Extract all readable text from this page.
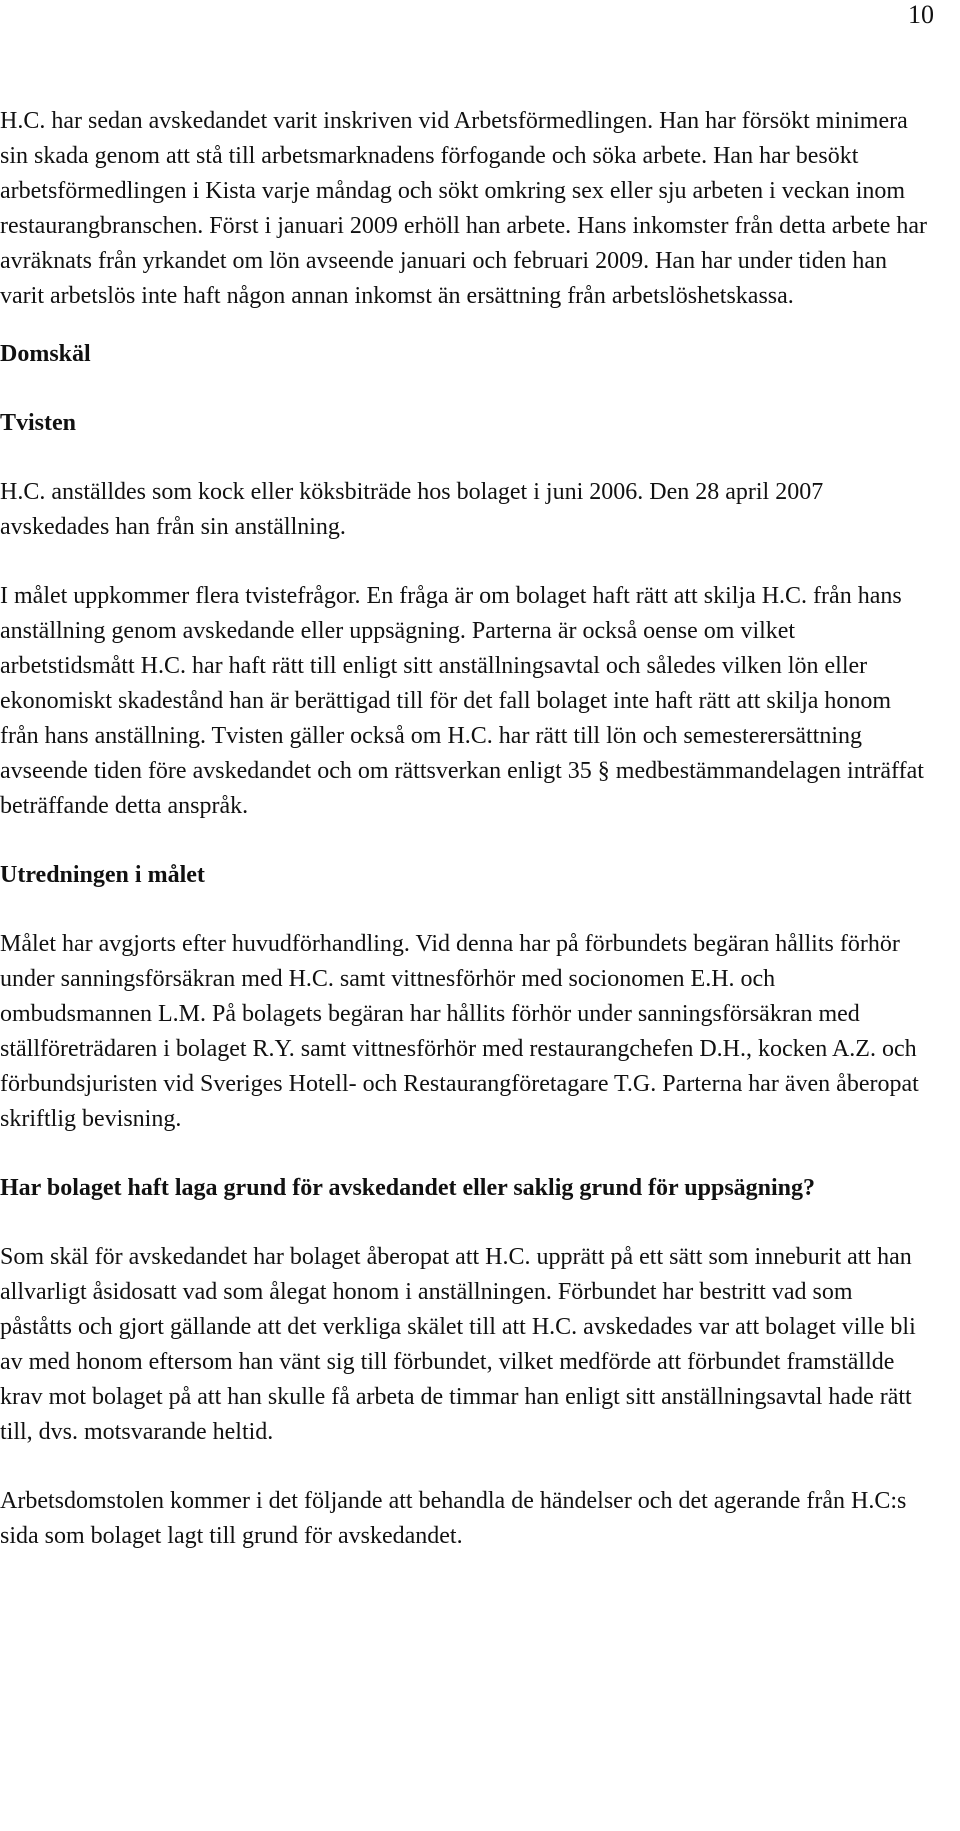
10

H.C. har sedan avskedandet varit inskriven vid Arbetsförmedlingen. Han har försökt minimera sin skada genom att stå till arbetsmarknadens förfogande och söka arbete. Han har besökt arbetsförmedlingen i Kista varje måndag och sökt omkring sex eller sju arbeten i veckan inom restaurangbranschen. Först i januari 2009 erhöll han arbete. Hans inkomster från detta arbete har avräknats från yrkandet om lön avseende januari och februari 2009. Han har under tiden han varit arbetslös inte haft någon annan inkomst än ersättning från arbetslöshetskassa.

Domskäl
Tvisten

H.C. anställdes som kock eller köksbiträde hos bolaget i juni 2006. Den 28 april 2007 avskedades han från sin anställning.

I målet uppkommer flera tvistefrågor. En fråga är om bolaget haft rätt att skilja H.C. från hans anställning genom avskedande eller uppsägning. Parterna är också oense om vilket arbetstidsmått H.C. har haft rätt till enligt sitt anställningsavtal och således vilken lön eller ekonomiskt skadestånd han är berättigad till för det fall bolaget inte haft rätt att skilja honom från hans anställning. Tvisten gäller också om H.C. har rätt till lön och semesterersättning avseende tiden före avskedandet och om rättsverkan enligt 35 § medbestämmandelagen inträffat beträffande detta anspråk.

Utredningen i målet

Målet har avgjorts efter huvudförhandling. Vid denna har på förbundets begäran hållits förhör under sanningsförsäkran med H.C. samt vittnesförhör med socionomen E.H. och ombudsmannen L.M. På bolagets begäran har hållits förhör under sanningsförsäkran med ställföreträdaren i bolaget R.Y. samt vittnesförhör med restaurangchefen D.H., kocken A.Z. och förbundsjuristen vid Sveriges Hotell- och Restaurangföretagare T.G. Parterna har även åberopat skriftlig bevisning.

Har bolaget haft laga grund för avskedandet eller saklig grund för uppsägning?

Som skäl för avskedandet har bolaget åberopat att H.C. upprätt på ett sätt som inneburit att han allvarligt åsidosatt vad som ålegat honom i anställningen. Förbundet har bestritt vad som påståtts och gjort gällande att det verkliga skälet till att H.C. avskedades var att bolaget ville bli av med honom eftersom han vänt sig till förbundet, vilket medförde att förbundet framställde krav mot bolaget på att han skulle få arbeta de timmar han enligt sitt anställningsavtal hade rätt till, dvs. motsvarande heltid.

Arbetsdomstolen kommer i det följande att behandla de händelser och det agerande från H.C:s sida som bolaget lagt till grund för avskedandet.
